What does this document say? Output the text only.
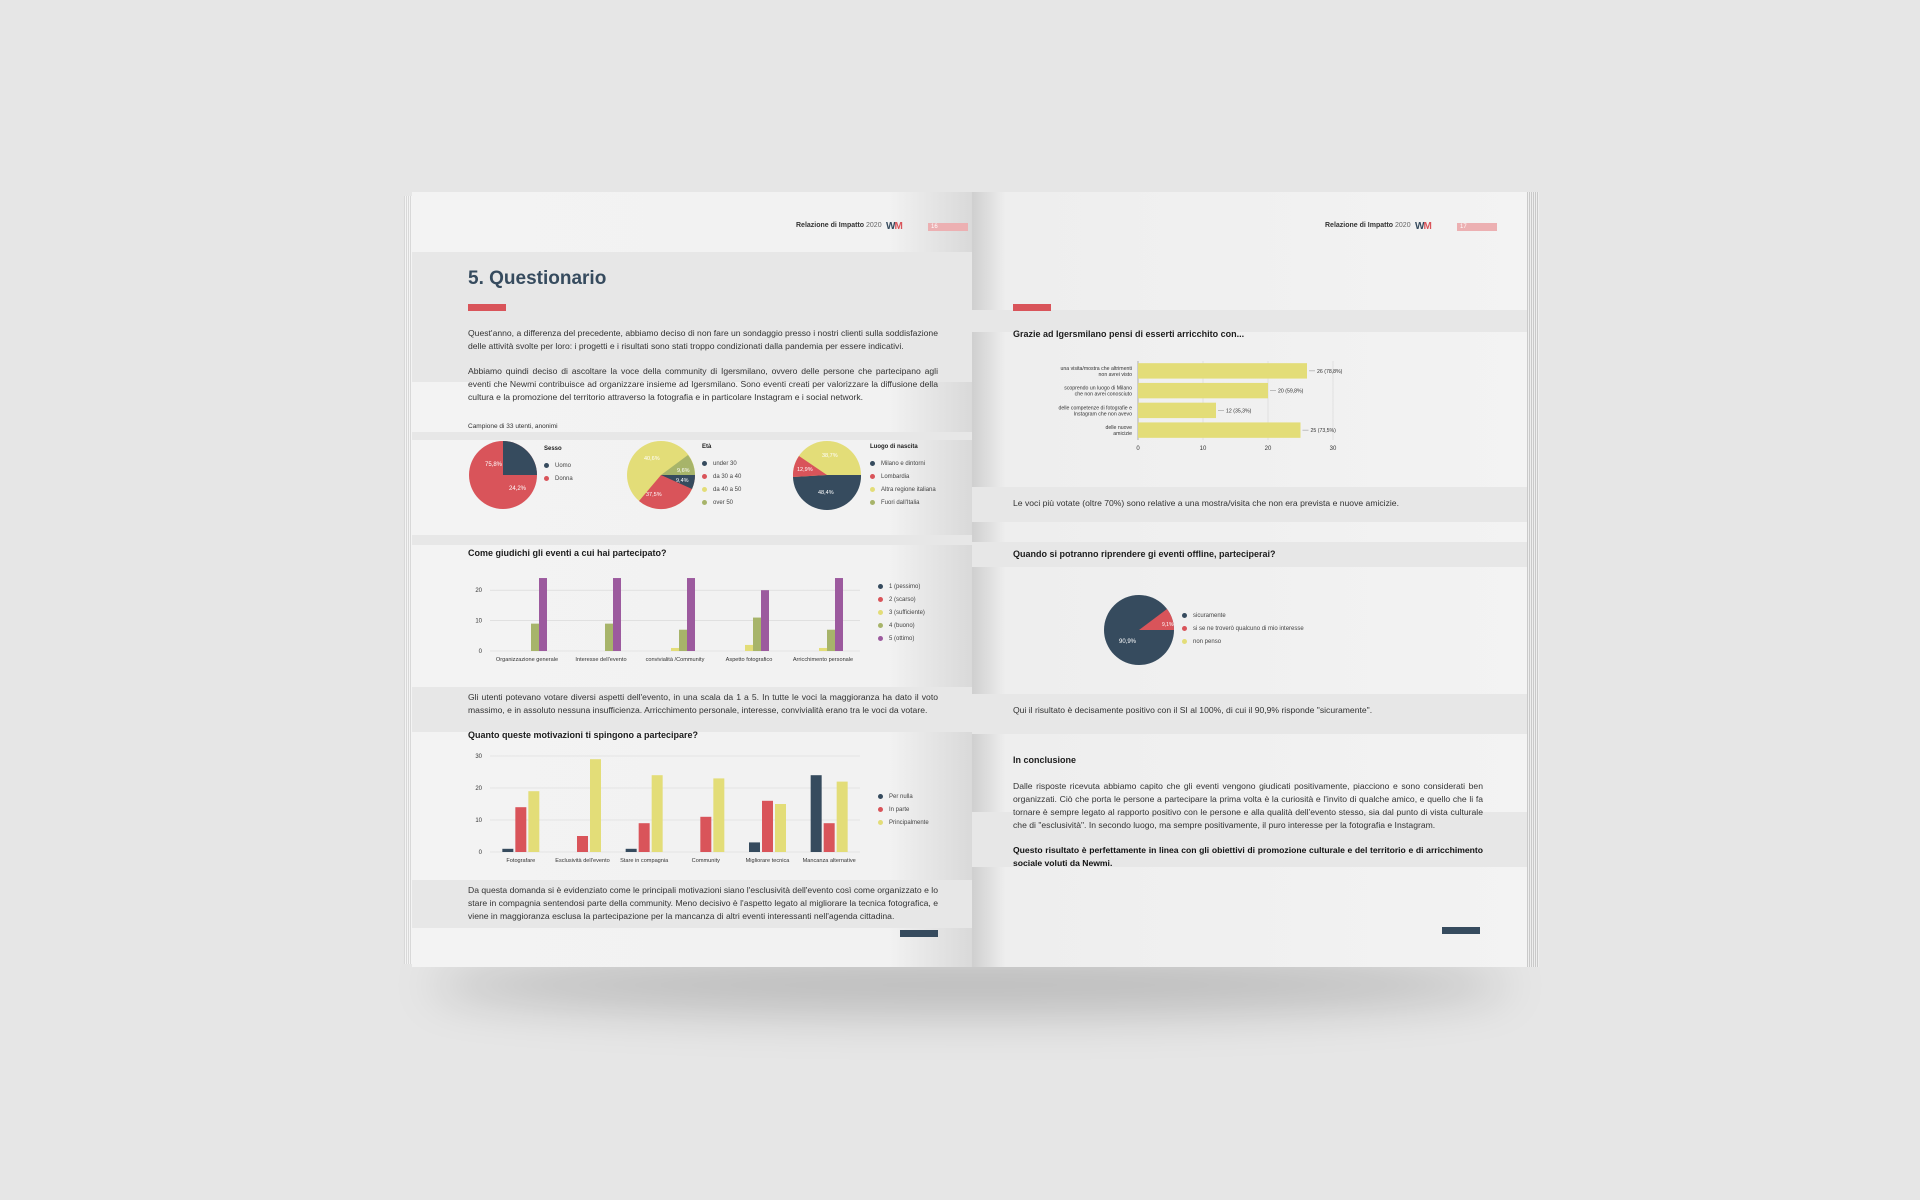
Relazione di Impatto 2020 WM	16
5. Questionario
Quest'anno, a differenza del precedente, abbiamo deciso di non fare un sondaggio presso i nostri clienti sulla soddisfazione delle attività svolte per loro: i progetti e i risultati sono stati troppo condizionati dalla pandemia per essere indicativi.
Abbiamo quindi deciso di ascoltare la voce della community di Igersmilano, ovvero delle persone che partecipano agli eventi che Newmi contribuisce ad organizzare insieme ad Igersmilano. Sono eventi creati per valorizzare la diffusione della cultura e la promozione del territorio attraverso la fotografia e in particolare Instagram e i social network.
Campione di 33 utenti, anonimi
75,8%
24,2%
Sesso
Uomo
Donna
40,6%
9,6%
9,4%
37,5%
Età
under 30
da 30 a 40
da 40 a 50
over 50
38,7%
12,9%
48,4%
Luogo di nascita
Milano e dintorni
Lombardia
Altra regione italiana
Fuori dall'Italia
Come giudichi gli eventi a cui hai partecipato?
0
10
20
Organizzazione generale	Interesse dell'evento	convivialità /Community	Aspetto fotografico	Arricchimento personale
1 (pessimo)
2 (scarso)
3 (sufficiente)
4 (buono)
5 (ottimo)
Gli utenti potevano votare diversi aspetti dell'evento, in una scala da 1 a 5. In tutte le voci la maggioranza ha dato il voto massimo, e in assoluto nessuna insufficienza. Arricchimento personale, interesse, convivialità erano tra le voci da votare.
Quanto queste motivazioni ti spingono a partecipare?
0
10
20
30
Fotografare	Esclusività dell'evento Stare in compagnia	Community	Migliorare tecnica Mancanza alternative
Per nulla
In parte
Principalmente
Da questa domanda si è evidenziato come le principali motivazioni siano l'esclusività dell'evento così come organizzato e lo stare in compagnia sentendosi parte della community. Meno decisivo è l'aspetto legato al migliorare la tecnica fotografica, e viene in maggioranza esclusa la partecipazione per la mancanza di altri eventi interessanti nell'agenda cittadina.
Relazione di Impatto 2020 WM	17
Grazie ad Igersmilano pensi di esserti arricchito con...
0	10	20	30
una visita/mostra che altrimenti
non avrei visto	26 (78,8%)
scoprendo un luogo di Milano
che non avrei conosciuto	20 (59,8%)
delle competenze di fotografie e
Instagram che non avevo	12 (35,3%)
delle nuove
amicizie	25 (73,5%)
Le voci più votate (oltre 70%) sono relative a una mostra/visita che non era prevista e nuove amicizie.
Quando si potranno riprendere gi eventi offline, parteciperai?
9,1%
90,9%
sicuramente
si se ne troverò qualcuno di mio interesse
non penso
Qui il risultato è decisamente positivo con il SI al 100%, di cui il 90,9% risponde "sicuramente".
In conclusione
Dalle risposte ricevuta abbiamo capito che gli eventi vengono giudicati positivamente, piacciono e sono considerati ben organizzati. Ciò che porta le persone a partecipare la prima volta è la curiosità e l'invito di qualche amico, e quello che li fa tornare è sempre legato al rapporto positivo con le persone e alla qualità dell'evento stesso, sia dal punto di vista culturale che di "esclusività". In secondo luogo, ma sempre positivamente, il puro interesse per la fotografia e Instagram.
Questo risultato è perfettamente in linea con gli obiettivi di promozione culturale e del territorio e di arricchimento sociale voluti da Newmi.
